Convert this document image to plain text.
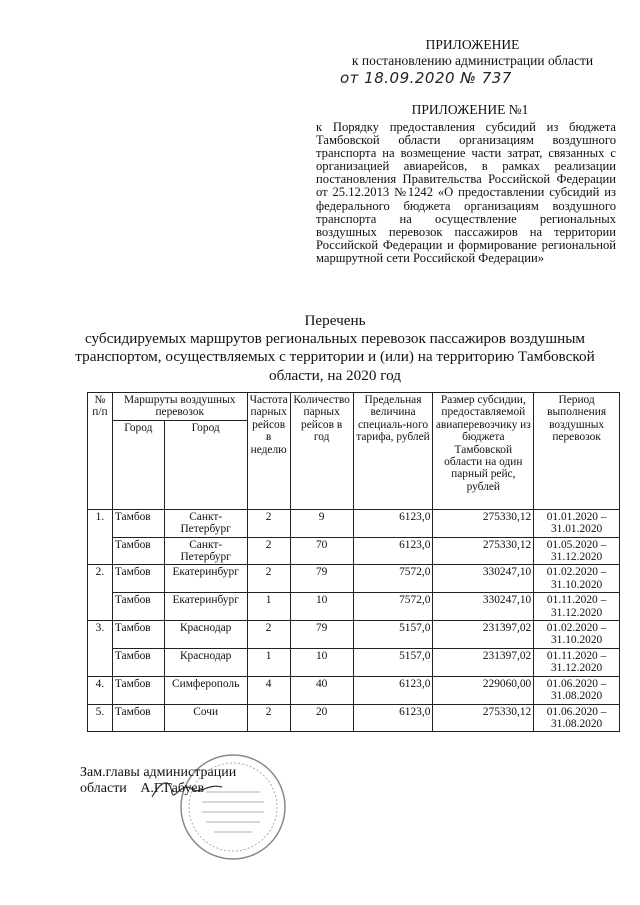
ПРИЛОЖЕНИЕ
к постановлению администрации области
от 18.09.2020 № 737
ПРИЛОЖЕНИЕ №1
к Порядку предоставления субсидий из бюджета Тамбовской области организациям воздушного транспорта на возмещение части затрат, связанных с организацией авиарейсов, в рамках реализации постановления Правительства Российской Федерации от 25.12.2013 №1242 «О предоставлении субсидий из федерального бюджета организациям воздушного транспорта на осуществление региональных воздушных перевозок пассажиров на территории Российской Федерации и формирование региональной маршрутной сети Российской Федерации»
Перечень
субсидируемых маршрутов региональных перевозок пассажиров воздушным транспортом, осуществляемых с территории и (или) на территорию Тамбовской области, на 2020 год
№ п/п	Маршруты воздушных перевозок		Частота парных рейсов в неделю	Количество парных рейсов в год	Предельная величина специаль-ного тарифа, рублей	Размер субсидии, предоставляемой авиаперевозчику из бюджета Тамбовской области на один парный рейс, рублей	Период выполнения воздушных перевозок
	Город	Город					
1.	Тамбов	Санкт-Петербург	2	9	6123,0	275330,12	01.01.2020 – 31.01.2020
	Тамбов	Санкт-Петербург	2	70	6123,0	275330,12	01.05.2020 – 31.12.2020
2.	Тамбов	Екатеринбург	2	79	7572,0	330247,10	01.02.2020 – 31.10.2020
	Тамбов	Екатеринбург	1	10	7572,0	330247,10	01.11.2020 – 31.12.2020
3.	Тамбов	Краснодар	2	79	5157,0	231397,02	01.02.2020 – 31.10.2020
	Тамбов	Краснодар	1	10	5157,0	231397,02	01.11.2020 – 31.12.2020
4.	Тамбов	Симферополь	4	40	6123,0	229060,00	01.06.2020 – 31.08.2020
5.	Тамбов	Сочи	2	20	6123,0	275330,12	01.06.2020 – 31.08.2020
Зам.главы администрации
области А.Г.Габуев
